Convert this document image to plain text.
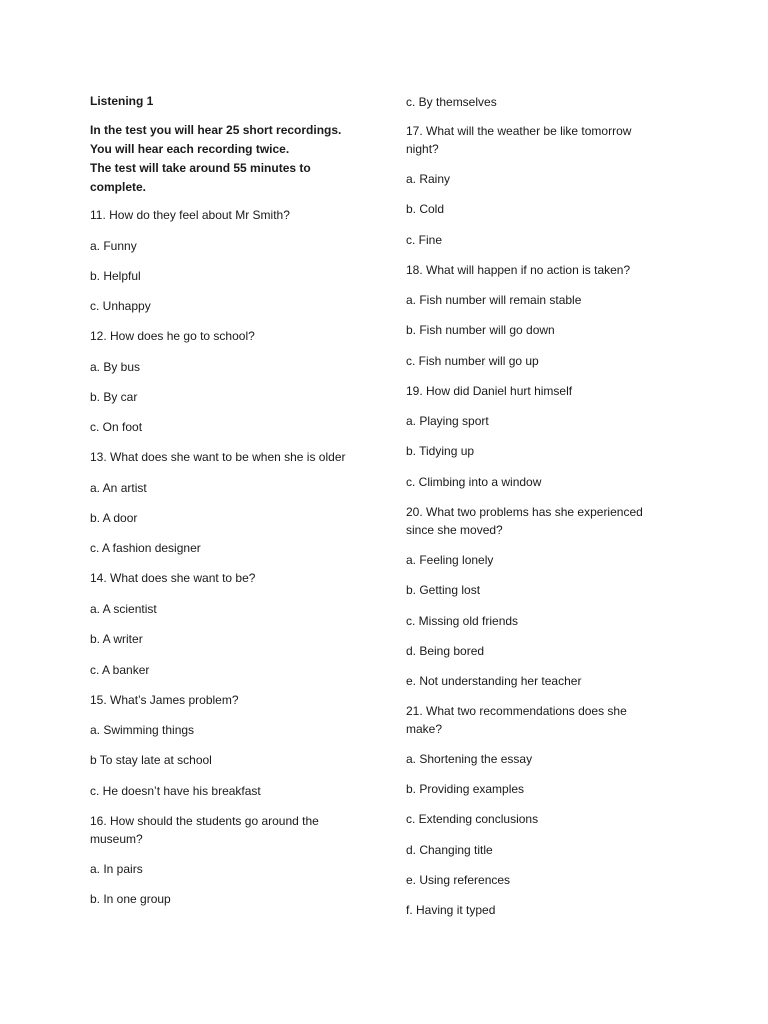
Listening 1
In the test you will hear 25 short recordings.
You will hear each recording twice.
The test will take around 55 minutes to
complete.
11. How do they feel about Mr Smith?
a. Funny
b. Helpful
c. Unhappy
12. How does he go to school?
a. By bus
b. By car
c. On foot
13. What does she want to be when she is older
a. An artist
b. A door
c. A fashion designer
14. What does she want to be?
a. A scientist
b. A writer
c. A banker
15. What’s James problem?
a. Swimming things
b To stay late at school
c. He doesn’t have his breakfast
16. How should the students go around the
museum?
a. In pairs
b. In one group
c. By themselves
17. What will the weather be like tomorrow
night?
a. Rainy
b. Cold
c. Fine
18. What will happen if no action is taken?
a. Fish number will remain stable
b. Fish number will go down
c. Fish number will go up
19. How did Daniel hurt himself
a. Playing sport
b. Tidying up
c. Climbing into a window
20. What two problems has she experienced
since she moved?
a. Feeling lonely
b. Getting lost
c. Missing old friends
d. Being bored
e. Not understanding her teacher
21. What two recommendations does she
make?
a. Shortening the essay
b. Providing examples
c. Extending conclusions
d. Changing title
e. Using references
f. Having it typed
